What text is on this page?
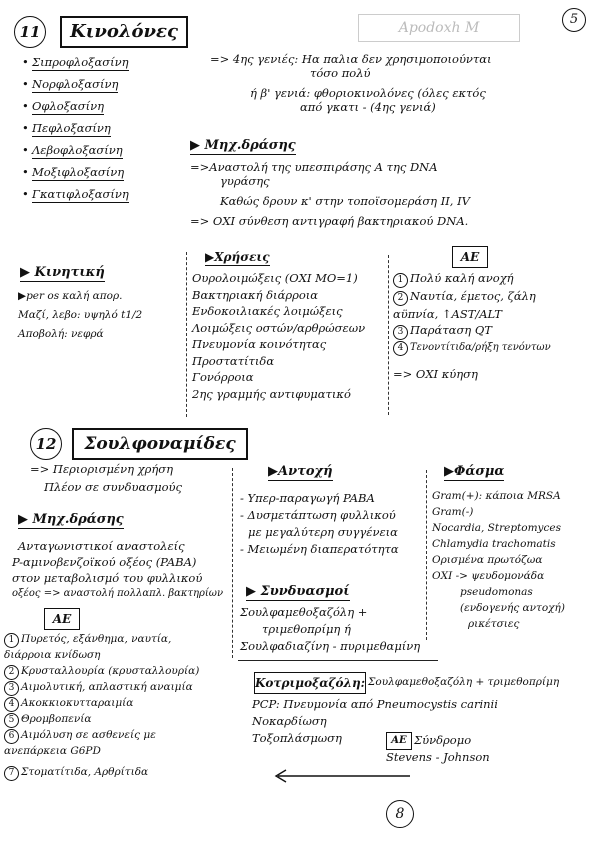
Apodoxh M
5
11	Κινολόνες
• Σιπροφλοξασίνη
• Νορφλοξασίνη
• Οφλοξασίνη
• Πεφλοξασίνη
• Λεβοφλοξασίνη
• Μοξιφλοξασίνη
• Γκατιφλοξασίνη
=> 4ης γενιές: Ηα παλια δεν χρησιμοποιούνται
τόσο πολύ
ή β' γενιά: φθοριοκινολόνες (όλες εκτός
από γκατι - (4ης γενιά)
▶ Μηχ.δράσης
=>Αναστολή της υπεσπιράσης Α της DNA
γυράσης
Καθώς δρουν κ' στην τοποϊσομεράση ΙΙ, IV
=> ΟΧΙ σύνθεση αντιγραφή βακτηριακού DNA.
▶ Κινητική
▶per os καλή απορ.
Μαζί, λεβο: υψηλό t1/2
Αποβολή: νεφρά
▶Χρήσεις
Ουρολοιμώξεις (ΟΧΙ ΜΟ=1)
Βακτηριακή διάρροια
Ενδοκοιλιακές λοιμώξεις
Λοιμώξεις οστών/αρθρώσεων
Πνευμονία κοινότητας
Προστατίτιδα
Γονόρροια
2ης γραμμής αντιφυματικό
ΑΕ
1 Πολύ καλή ανοχή
2 Ναυτία, έμετος, ζάλη αϋπνία, ↑AST/ALT
3 Παράταση QT
4 Τενοντίτιδα/ρήξη τενόντων
=> ΟΧΙ κύηση
12	Σουλφοναμίδες
=> Περιορισμένη χρήση
Πλέον σε συνδυασμούς
▶ Μηχ.δράσης
Ανταγωνιστικοί αναστολείς
P-αμινοβενζοϊκού οξέος (PABA)
στον μεταβολισμό του φυλλικού
οξέος => αναστολή πολλαπλ. βακτηρίων
ΑΕ
1 Πυρετός, εξάνθημα, ναυτία, διάρροια κνίδωση
2 Κρυσταλλουρία (κρυσταλλουρία)
3 Αιμολυτική, απλαστική αναιμία
4 Ακοκκιοκυτταραιμία
5 Θρομβοπενία
6 Αιμόλυση σε ασθενείς με ανεπάρκεια G6PD
7 Στοματίτιδα, Αρθρίτιδα
▶Αντοχή
- Υπερ-παραγωγή PABA
- Δυσμετάπτωση φυλλικού
με μεγαλύτερη συγγένεια
- Μειωμένη διαπερατότητα
▶Φάσμα
Gram(+): κάποια MRSA
Gram(-)
Nocardia, Streptomyces
Chlamydia trachomatis
Ορισμένα πρωτόζωα
ΟΧΙ -> ψευδομονάδα
pseudomonas
(ενδογενής αντοχή)
ρικέτσιες
▶ Συνδυασμοί
Σουλφαμεθοξαζόλη +
τριμεθοπρίμη ή
Σουλφαδιαζίνη - πυριμεθαμίνη
Κοτριμοξαζόλη: Σουλφαμεθοξαζόλη + τριμεθοπρίμη
PCP: Πνευμονία από Pneumocystis carinii
Νοκαρδίωση
Τοξοπλάσμωση	ΑΕ Σύνδρομο
Stevens - Johnson
8
